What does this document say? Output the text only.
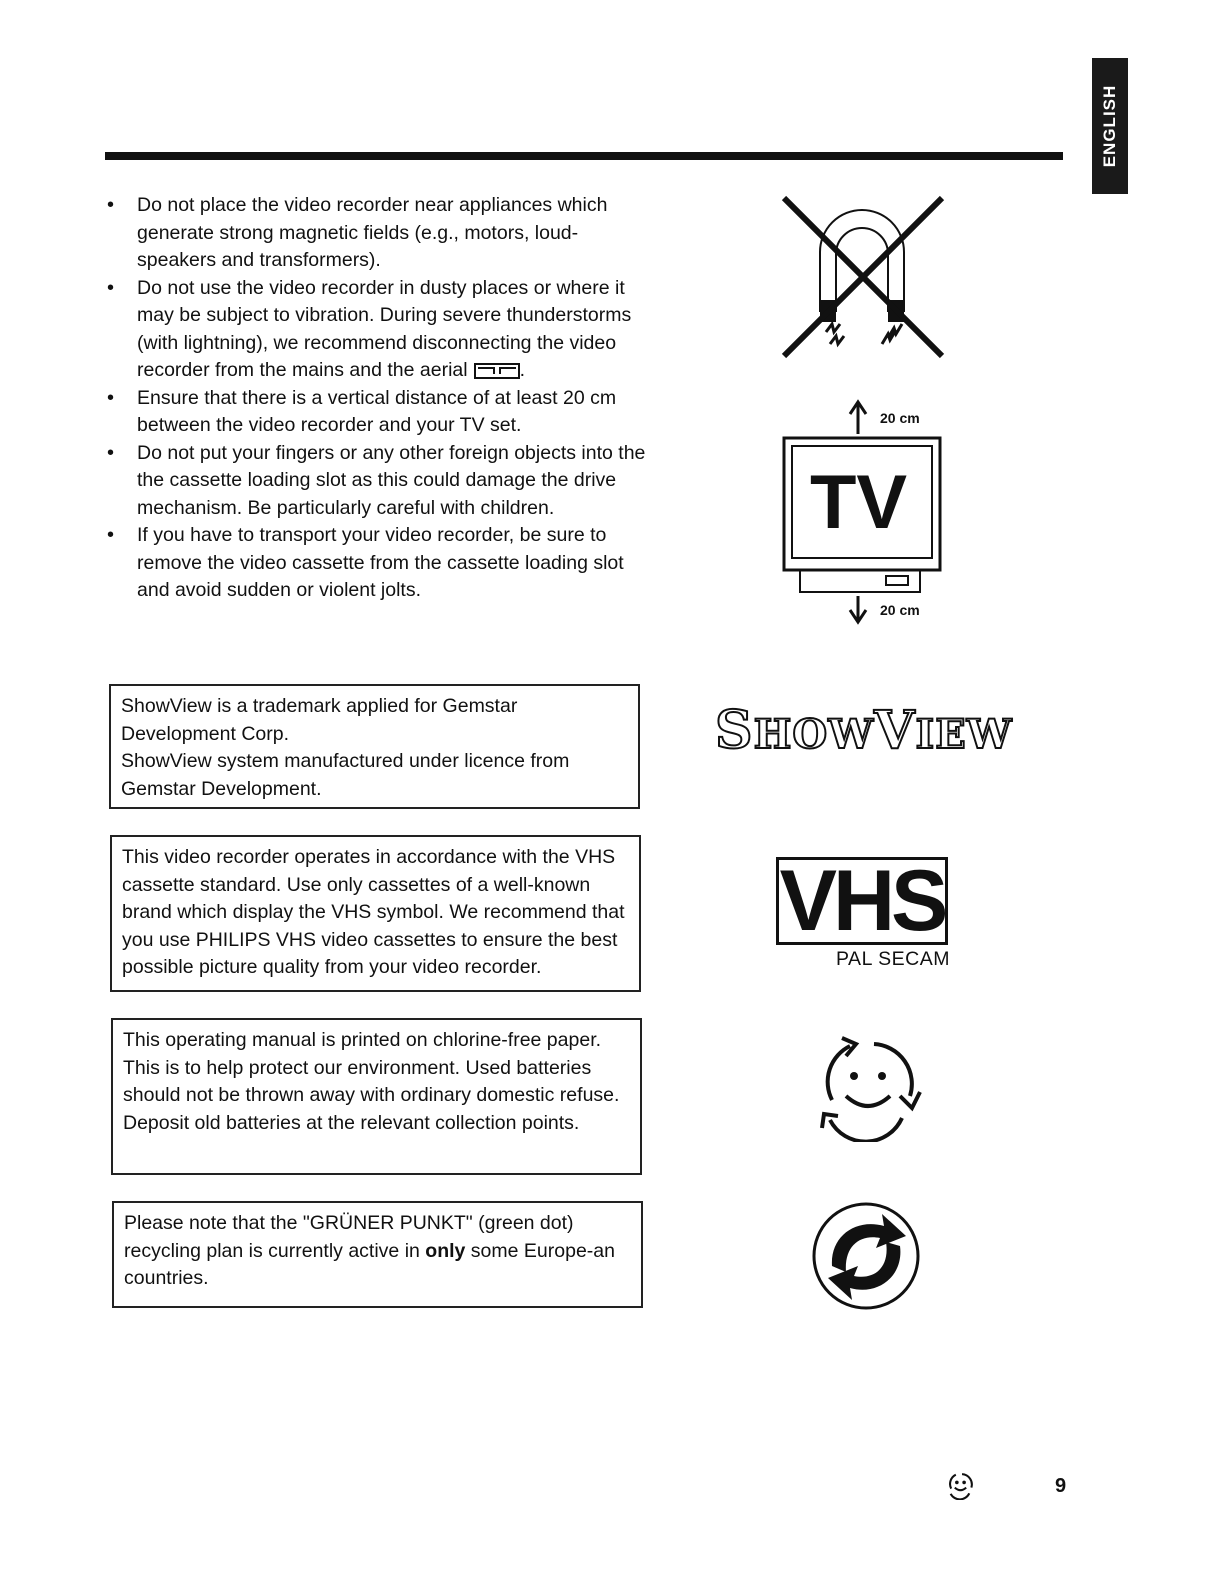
ENGLISH
• Do not place the video recorder near appliances which generate strong magnetic fields (e.g., motors, loud-speakers and transformers).
• Do not use the video recorder in dusty places or where it may be subject to vibration. During severe thunderstorms (with lightning), we recommend disconnecting the video recorder from the mains and the aerial	.
• Ensure that there is a vertical distance of at least 20 cm between the video recorder and your TV set.
• Do not put your fingers or any other foreign objects into the the cassette loading slot as this could damage the drive mechanism. Be particularly careful with children.
• If you have to transport your video recorder, be sure to remove the video cassette from the cassette loading slot and avoid sudden or violent jolts.
20 cm
TV
20 cm

ShowView is a trademark applied for Gemstar Development Corp.

ShowView system manufactured under licence from Gemstar Development.

This video recorder operates in accordance with the VHS cassette standard. Use only cassettes of a well-known brand which display the VHS symbol. We recommend that you use PHILIPS VHS video cassettes to ensure the best possible picture quality from your video recorder.

This operating manual is printed on chlorine-free paper. This is to help protect our environment. Used batteries should not be thrown away with ordinary domestic refuse. Deposit old batteries at the relevant collection points.

Please note that the "GRÜNER PUNKT" (green dot) recycling plan is currently active in only some Europe-an countries.

SHOWVIEW
VHS
PAL SECAM
9
